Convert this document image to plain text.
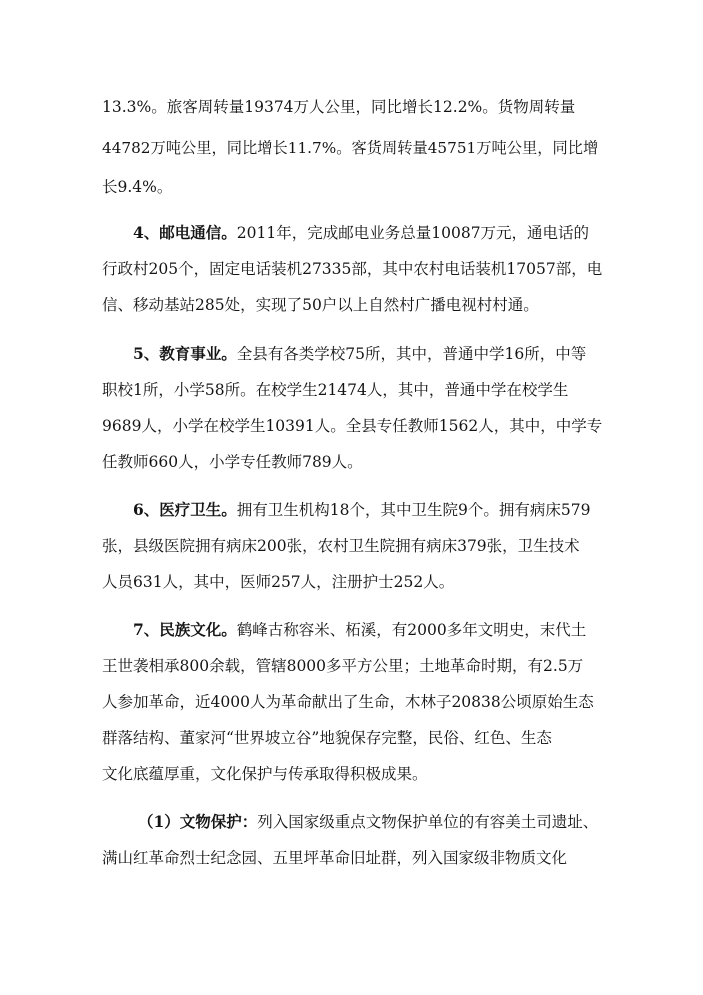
13.3%。旅客周转量19374万人公里，同比增长12.2%。货物周转量

44782万吨公里，同比增长11.7%。客货周转量45751万吨公里，同比增

长9.4%。

4、邮电通信。2011年，完成邮电业务总量10087万元，通电话的

行政村205个，固定电话装机27335部，其中农村电话装机17057部，电

信、移动基站285处，实现了50户以上自然村广播电视村村通。

5、教育事业。全县有各类学校75所，其中，普通中学16所，中等

职校1所，小学58所。在校学生21474人，其中，普通中学在校学生

9689人，小学在校学生10391人。全县专任教师1562人，其中，中学专

任教师660人，小学专任教师789人。

6、医疗卫生。拥有卫生机构18个，其中卫生院9个。拥有病床579

张，县级医院拥有病床200张，农村卫生院拥有病床379张，卫生技术

人员631人，其中，医师257人，注册护士252人。

7、民族文化。鹤峰古称容米、柘溪，有2000多年文明史，末代土

王世袭相承800余载，管辖8000多平方公里；土地革命时期，有2.5万

人参加革命，近4000人为革命献出了生命，木林子20838公顷原始生态

群落结构、董家河“世界坡立谷”地貌保存完整，民俗、红色、生态

文化底蕴厚重，文化保护与传承取得积极成果。

（1）文物保护：列入国家级重点文物保护单位的有容美土司遗址、

满山红革命烈士纪念园、五里坪革命旧址群，列入国家级非物质文化
